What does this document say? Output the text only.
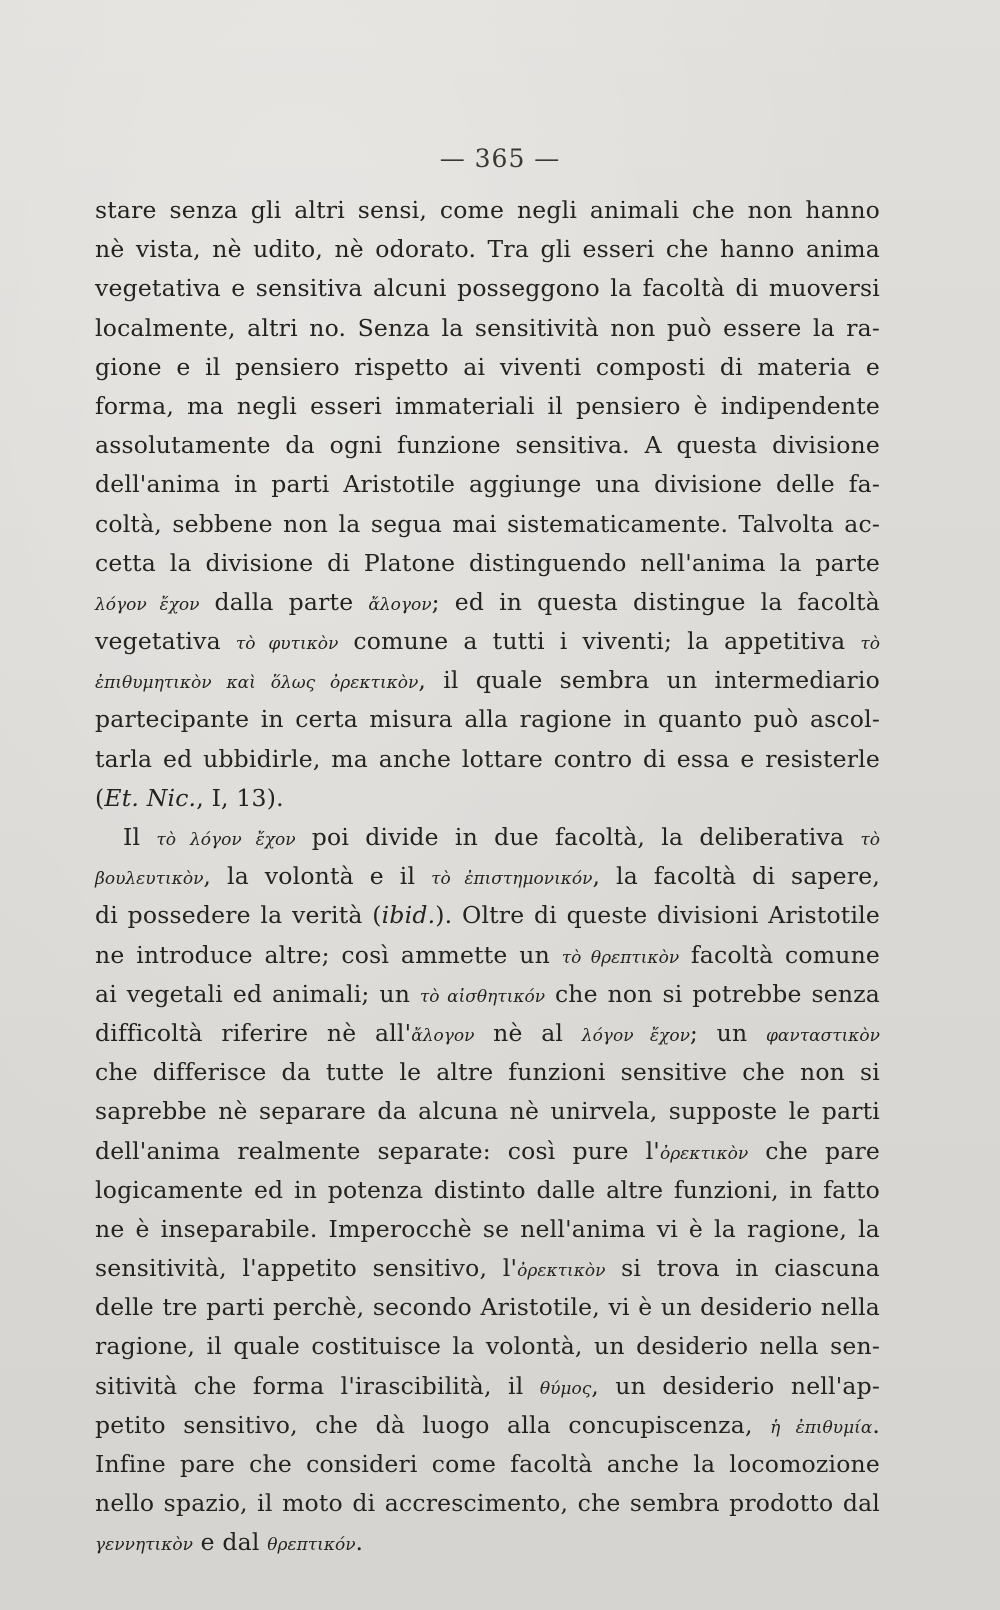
— 365 —
stare senza gli altri sensi, come negli animali che non hanno
nè vista, nè udito, nè odorato. Tra gli esseri che hanno anima
vegetativa e sensitiva alcuni posseggono la facoltà di muoversi
localmente, altri no. Senza la sensitività non può essere la ra-
gione e il pensiero rispetto ai viventi composti di materia e
forma, ma negli esseri immateriali il pensiero è indipendente
assolutamente da ogni funzione sensitiva. A questa divisione
dell'anima in parti Aristotile aggiunge una divisione delle fa-
coltà, sebbene non la segua mai sistematicamente. Talvolta ac-
cetta la divisione di Platone distinguendo nell'anima la parte
λόγον ἔχον dalla parte ἄλογον; ed in questa distingue la facoltà
vegetativa τὸ φυτικὸν comune a tutti i viventi; la appetitiva τὸ
ἐπιθυμητικὸν καὶ ὅλως ὀρεκτικὸν, il quale sembra un intermediario
partecipante in certa misura alla ragione in quanto può ascol-
tarla ed ubbidirle, ma anche lottare contro di essa e resisterle
(Et. Nic., I, 13).
Il τὸ λόγον ἔχον poi divide in due facoltà, la deliberativa τὸ
βουλευτικὸν, la volontà e il τὸ ἐπιστημονικόν, la facoltà di sapere,
di possedere la verità (ibid.). Oltre di queste divisioni Aristotile
ne introduce altre; così ammette un τὸ θρεπτικὸν facoltà comune
ai vegetali ed animali; un τὸ αἰσθητικόν che non si potrebbe senza
difficoltà riferire nè all'ἄλογον nè al λόγον ἔχον; un φανταστικὸν
che differisce da tutte le altre funzioni sensitive che non si
saprebbe nè separare da alcuna nè unirvela, supposte le parti
dell'anima realmente separate: così pure l'ὀρεκτικὸν che pare
logicamente ed in potenza distinto dalle altre funzioni, in fatto
ne è inseparabile. Imperocchè se nell'anima vi è la ragione, la
sensitività, l'appetito sensitivo, l'ὀρεκτικὸν si trova in ciascuna
delle tre parti perchè, secondo Aristotile, vi è un desiderio nella
ragione, il quale costituisce la volontà, un desiderio nella sen-
sitività che forma l'irascibilità, il θύμος, un desiderio nell'ap-
petito sensitivo, che dà luogo alla concupiscenza, ἡ ἐπιθυμία.
Infine pare che consideri come facoltà anche la locomozione
nello spazio, il moto di accrescimento, che sembra prodotto dal
γεννητικὸν e dal θρεπτικόν.
